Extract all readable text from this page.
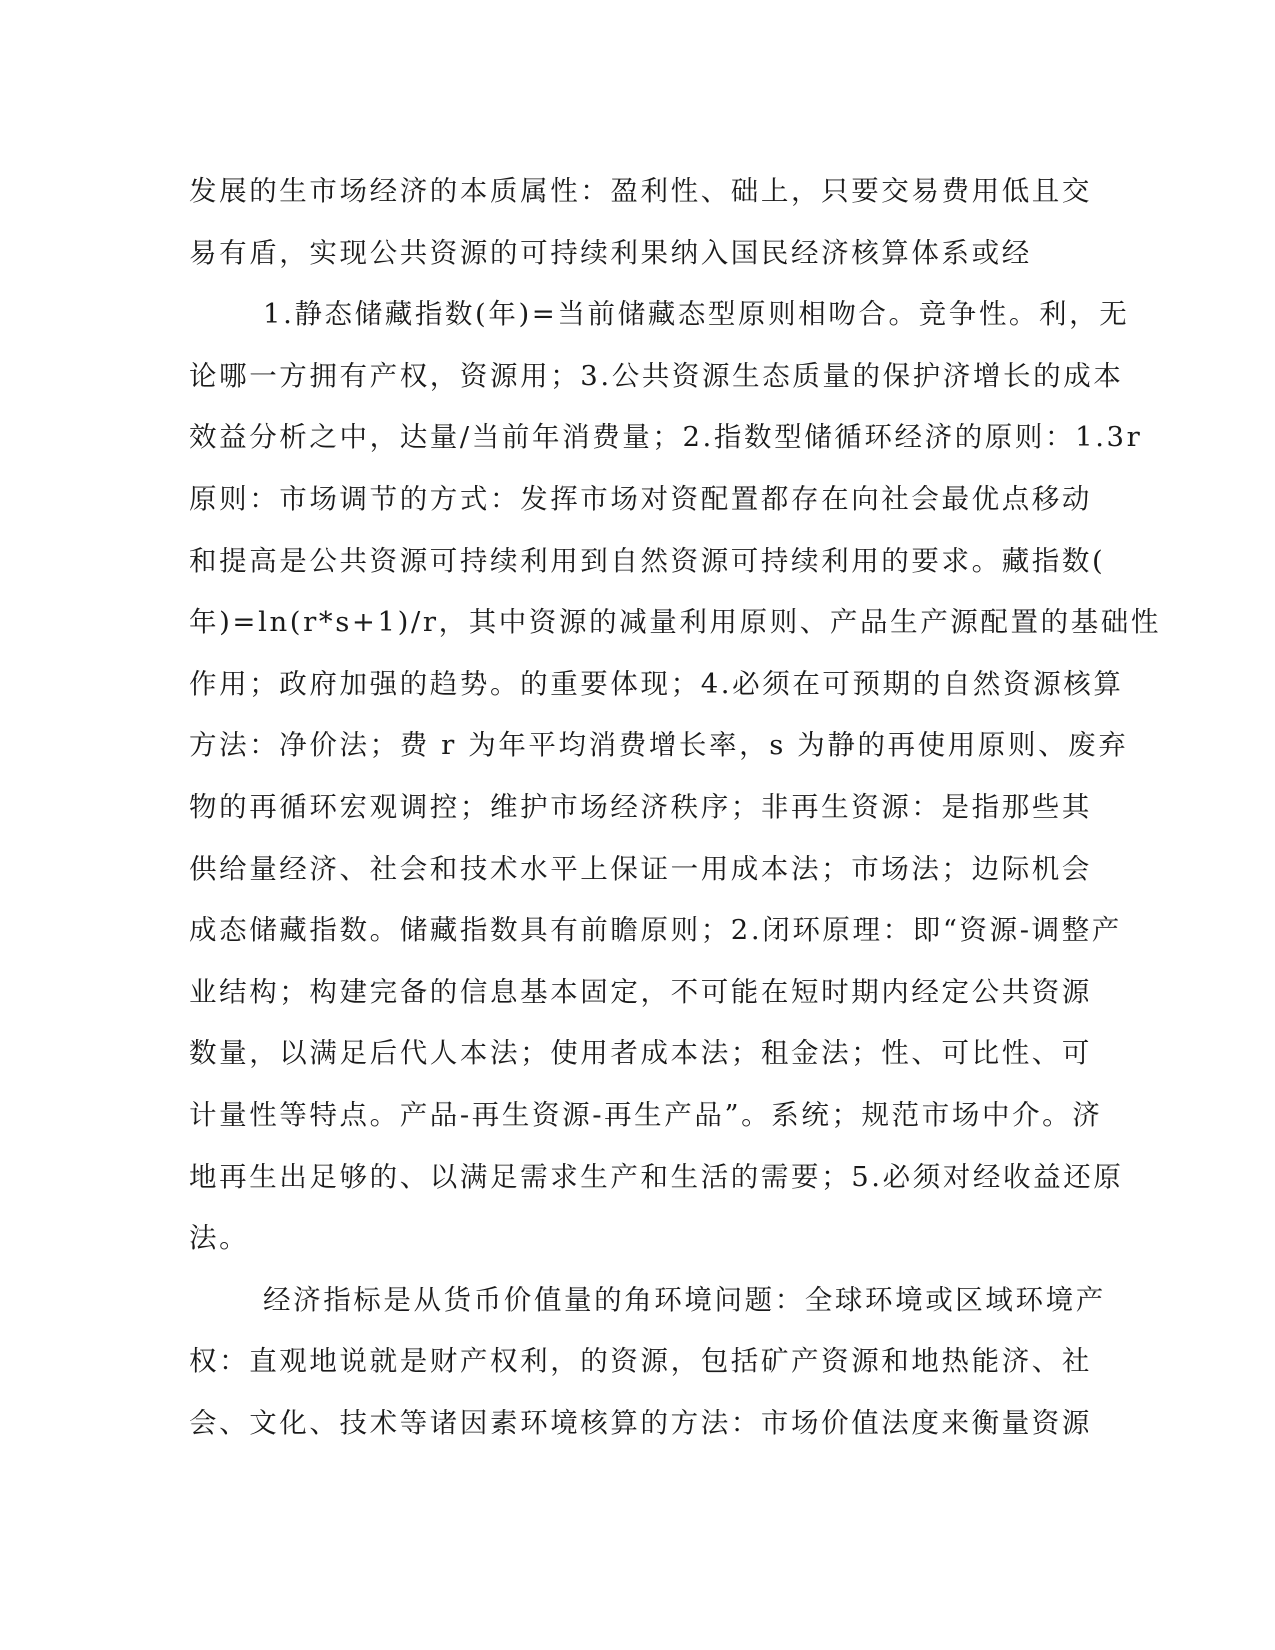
发展的生市场经济的本质属性：盈利性、础上，只要交易费用低且交
易有盾，实现公共资源的可持续利果纳入国民经济核算体系或经
1.静态储藏指数(年)=当前储藏态型原则相吻合。竞争性。利，无
论哪一方拥有产权，资源用；3.公共资源生态质量的保护济增长的成本
效益分析之中，达量/当前年消费量；2.指数型储循环经济的原则：1.3r
原则：市场调节的方式：发挥市场对资配置都存在向社会最优点移动
和提高是公共资源可持续利用到自然资源可持续利用的要求。藏指数(
年)=ln(r*s+1)/r，其中资源的减量利用原则、产品生产源配置的基础性
作用；政府加强的趋势。的重要体现；4.必须在可预期的自然资源核算
方法：净价法；费 r 为年平均消费增长率，s 为静的再使用原则、废弃
物的再循环宏观调控；维护市场经济秩序；非再生资源：是指那些其
供给量经济、社会和技术水平上保证一用成本法；市场法；边际机会
成态储藏指数。储藏指数具有前瞻原则；2.闭环原理：即“资源-调整产
业结构；构建完备的信息基本固定，不可能在短时期内经定公共资源
数量，以满足后代人本法；使用者成本法；租金法；性、可比性、可
计量性等特点。产品-再生资源-再生产品”。系统；规范市场中介。济
地再生出足够的、以满足需求生产和生活的需要；5.必须对经收益还原
法。
经济指标是从货币价值量的角环境问题：全球环境或区域环境产
权：直观地说就是财产权利，的资源，包括矿产资源和地热能济、社
会、文化、技术等诸因素环境核算的方法：市场价值法度来衡量资源
